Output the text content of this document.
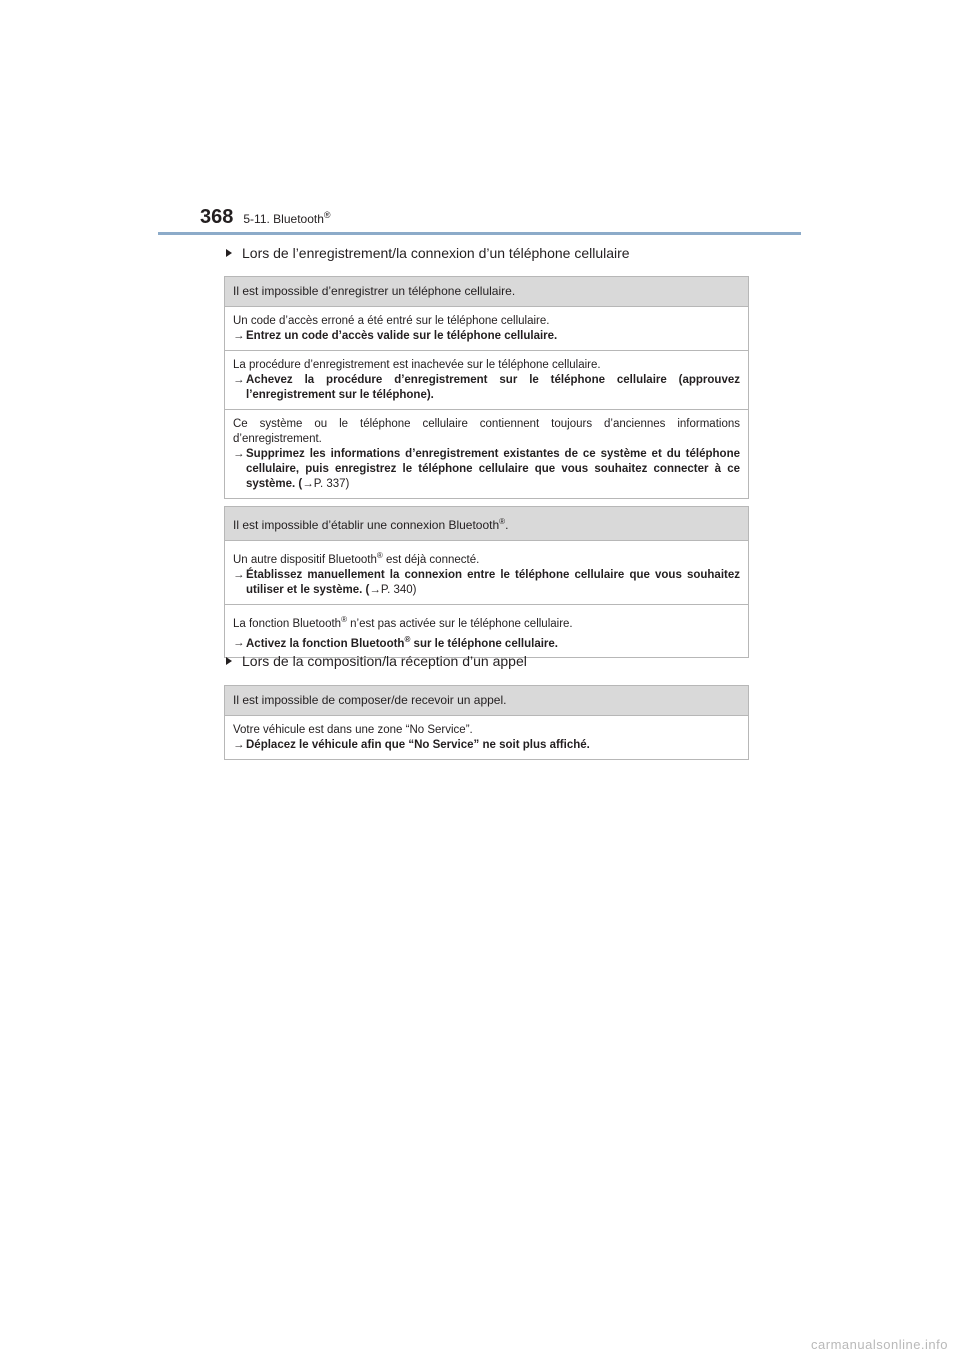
368 5-11. Bluetooth®
Lors de l’enregistrement/la connexion d’un téléphone cellulaire
Il est impossible d’enregistrer un téléphone cellulaire.
Un code d’accès erroné a été entré sur le téléphone cellulaire.
→ Entrez un code d’accès valide sur le téléphone cellulaire.
La procédure d’enregistrement est inachevée sur le téléphone cellulaire.
→ Achevez la procédure d’enregistrement sur le téléphone cellulaire (approuvez l’enregistrement sur le téléphone).
Ce système ou le téléphone cellulaire contiennent toujours d’anciennes informations d’enregistrement.
→ Supprimez les informations d’enregistrement existantes de ce système et du téléphone cellulaire, puis enregistrez le téléphone cellulaire que vous souhaitez connecter à ce système. (→P. 337)
Il est impossible d’établir une connexion Bluetooth®.
Un autre dispositif Bluetooth® est déjà connecté.
→ Établissez manuellement la connexion entre le téléphone cellulaire que vous souhaitez utiliser et le système. (→P. 340)
La fonction Bluetooth® n’est pas activée sur le téléphone cellulaire.
→ Activez la fonction Bluetooth® sur le téléphone cellulaire.
Lors de la composition/la réception d’un appel
Il est impossible de composer/de recevoir un appel.
Votre véhicule est dans une zone “No Service”.
→ Déplacez le véhicule afin que “No Service” ne soit plus affiché.
carmanualsonline.info
